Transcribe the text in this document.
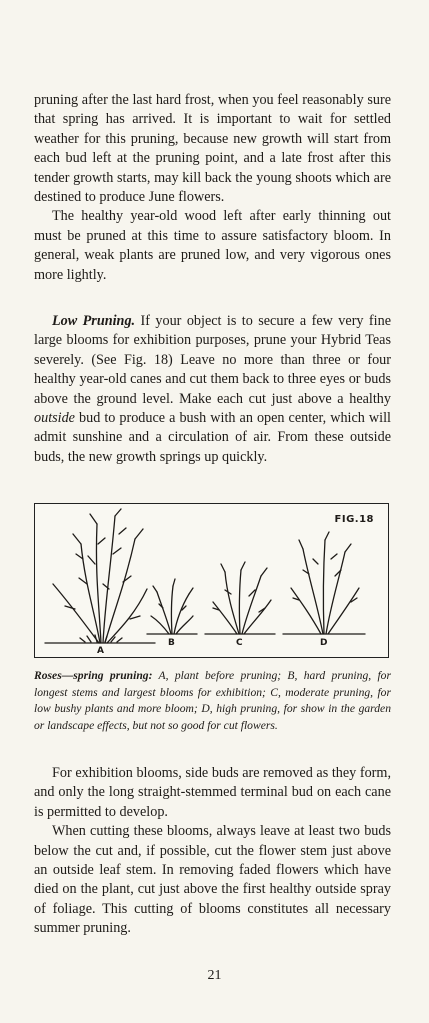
pruning after the last hard frost, when you feel reasonably sure that spring has arrived. It is important to wait for settled weather for this pruning, because new growth will start from each bud left at the pruning point, and a late frost after this tender growth starts, may kill back the young shoots which are destined to produce June flowers.

The healthy year-old wood left after early thinning out must be pruned at this time to assure satisfactory bloom. In general, weak plants are pruned low, and very vigorous ones more lightly.

Low Pruning. If your object is to secure a few very fine large blooms for exhibition purposes, prune your Hybrid Teas severely. (See Fig. 18) Leave no more than three or four healthy year-old canes and cut them back to three eyes or buds above the ground level. Make each cut just above a healthy outside bud to produce a bush with an open center, which will admit sunshine and a circulation of air. From these outside buds, the new growth springs up quickly.

FIG.18
A
B	C	D
Roses—spring pruning: A, plant before pruning; B, hard pruning, for longest stems and largest blooms for exhibition; C, moderate pruning, for low bushy plants and more bloom; D, high pruning, for show in the garden or landscape effects, but not so good for cut flowers.

For exhibition blooms, side buds are removed as they form, and only the long straight-stemmed terminal bud on each cane is permitted to develop.

When cutting these blooms, always leave at least two buds below the cut and, if possible, cut the flower stem just above an outside leaf stem. In removing faded flowers which have died on the plant, cut just above the first healthy outside spray of foliage. This cutting of blooms constitutes all necessary summer pruning.

21
